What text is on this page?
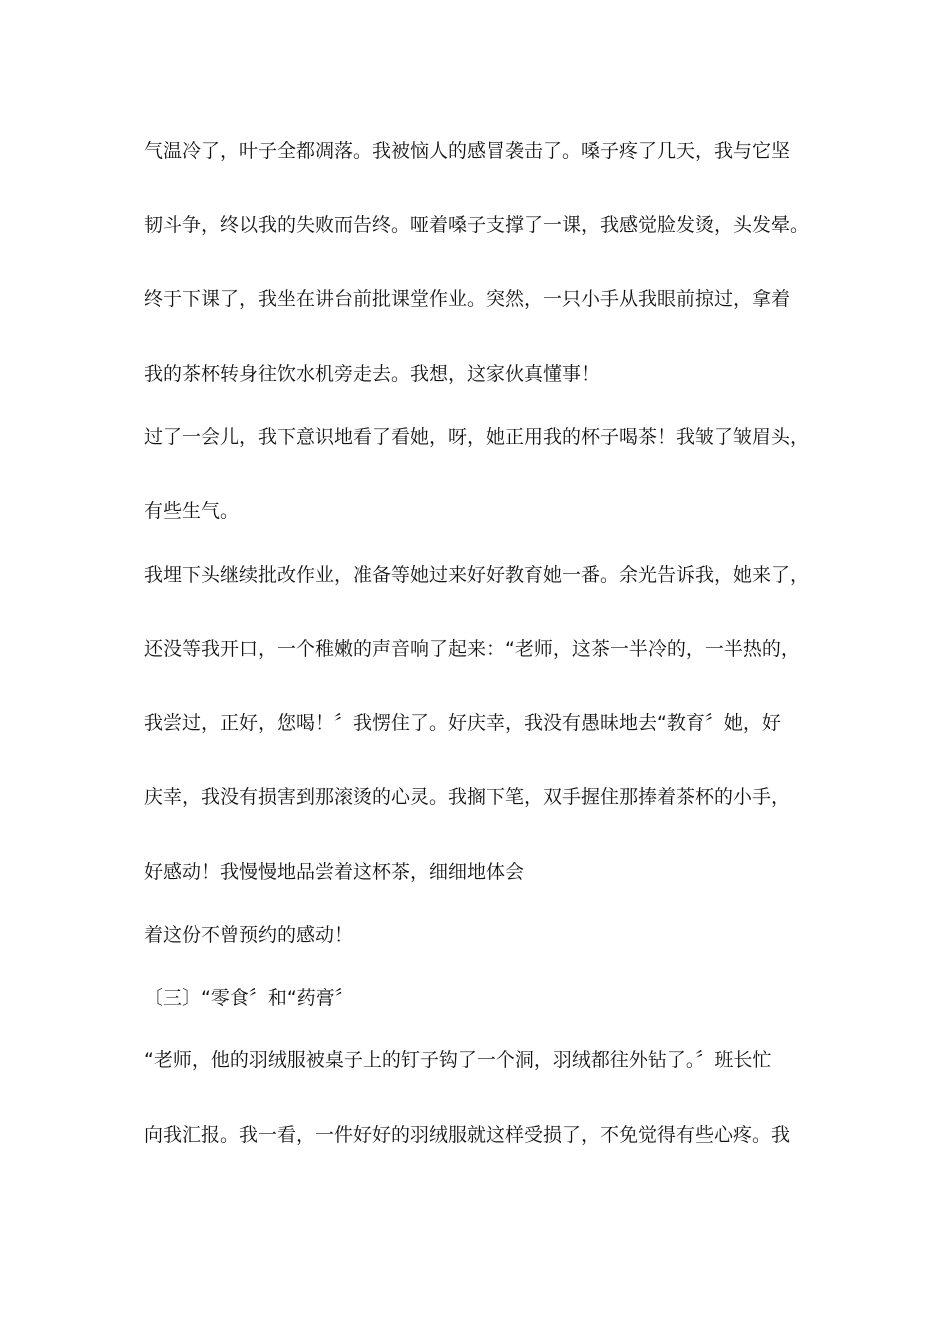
气温冷了，叶子全都凋落。我被恼人的感冒袭击了。嗓子疼了几天，我与它坚
韧斗争，终以我的失败而告终。哑着嗓子支撑了一课，我感觉脸发烫，头发晕。
终于下课了，我坐在讲台前批课堂作业。突然，一只小手从我眼前掠过，拿着
我的茶杯转身往饮水机旁走去。我想，这家伙真懂事！
过了一会儿，我下意识地看了看她，呀，她正用我的杯子喝茶！我皱了皱眉头，
有些生气。
我埋下头继续批改作业，准备等她过来好好教育她一番。余光告诉我，她来了，
还没等我开口，一个稚嫩的声音响了起来：“老师，这茶一半冷的，一半热的，
我尝过，正好，您喝！〞我愣住了。好庆幸，我没有愚昧地去“教育〞她，好
庆幸，我没有损害到那滚烫的心灵。我搁下笔，双手握住那捧着茶杯的小手，
好感动！我慢慢地品尝着这杯茶，细细地体会
着这份不曾预约的感动！
〔三〕“零食〞和“药膏〞
“老师，他的羽绒服被桌子上的钉子钩了一个洞，羽绒都往外钻了。〞班长忙
向我汇报。我一看，一件好好的羽绒服就这样受损了，不免觉得有些心疼。我
